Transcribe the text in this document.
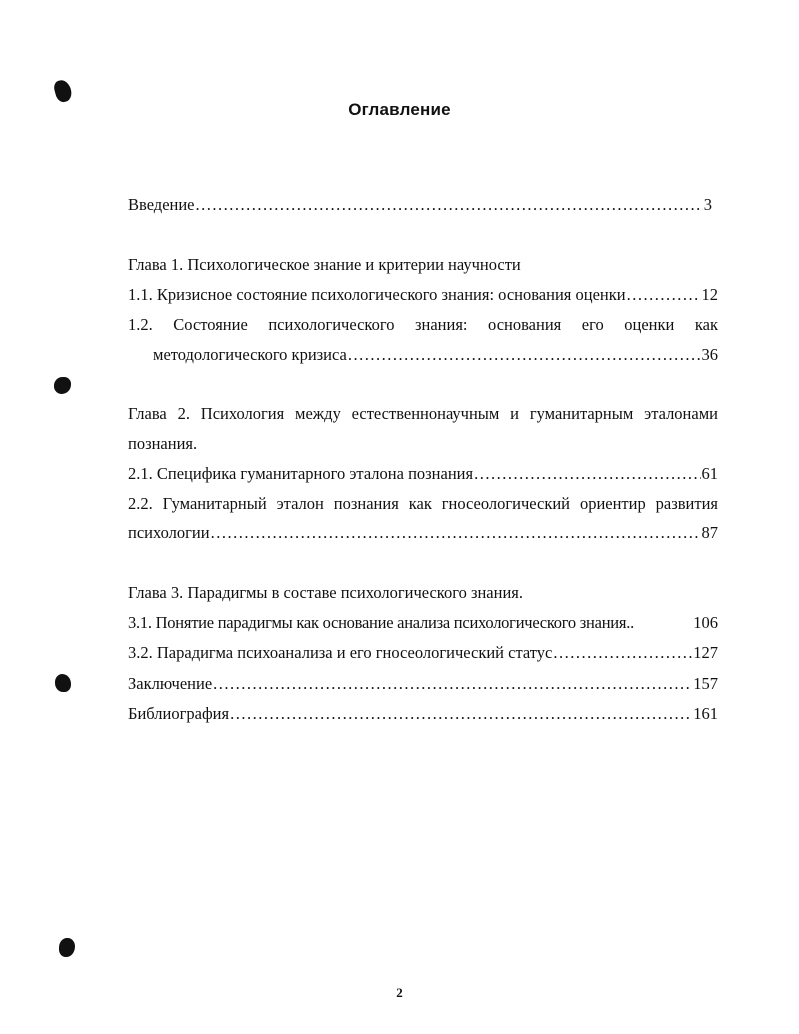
Оглавление
Введение .....	3
Глава 1. Психологическое знание и критерии научности
1.1. Кризисное состояние психологического знания: основания оценки .....	12
1.2. Состояние психологического знания: основания его оценки как
методологического кризиса .....	36
Глава 2. Психология между естественнонаучным и гуманитарным эталонами
познания.
2.1. Специфика гуманитарного эталона познания .....	61
2.2. Гуманитарный эталон познания как гносеологический ориентир развития
психологии .....	87
Глава 3. Парадигмы в составе психологического знания.
3.1. Понятие парадигмы как основание анализа психологического знания..	106
3.2. Парадигма психоанализа и его гносеологический статус .....	127
Заключение .....	157
Библиография .....	161
2
